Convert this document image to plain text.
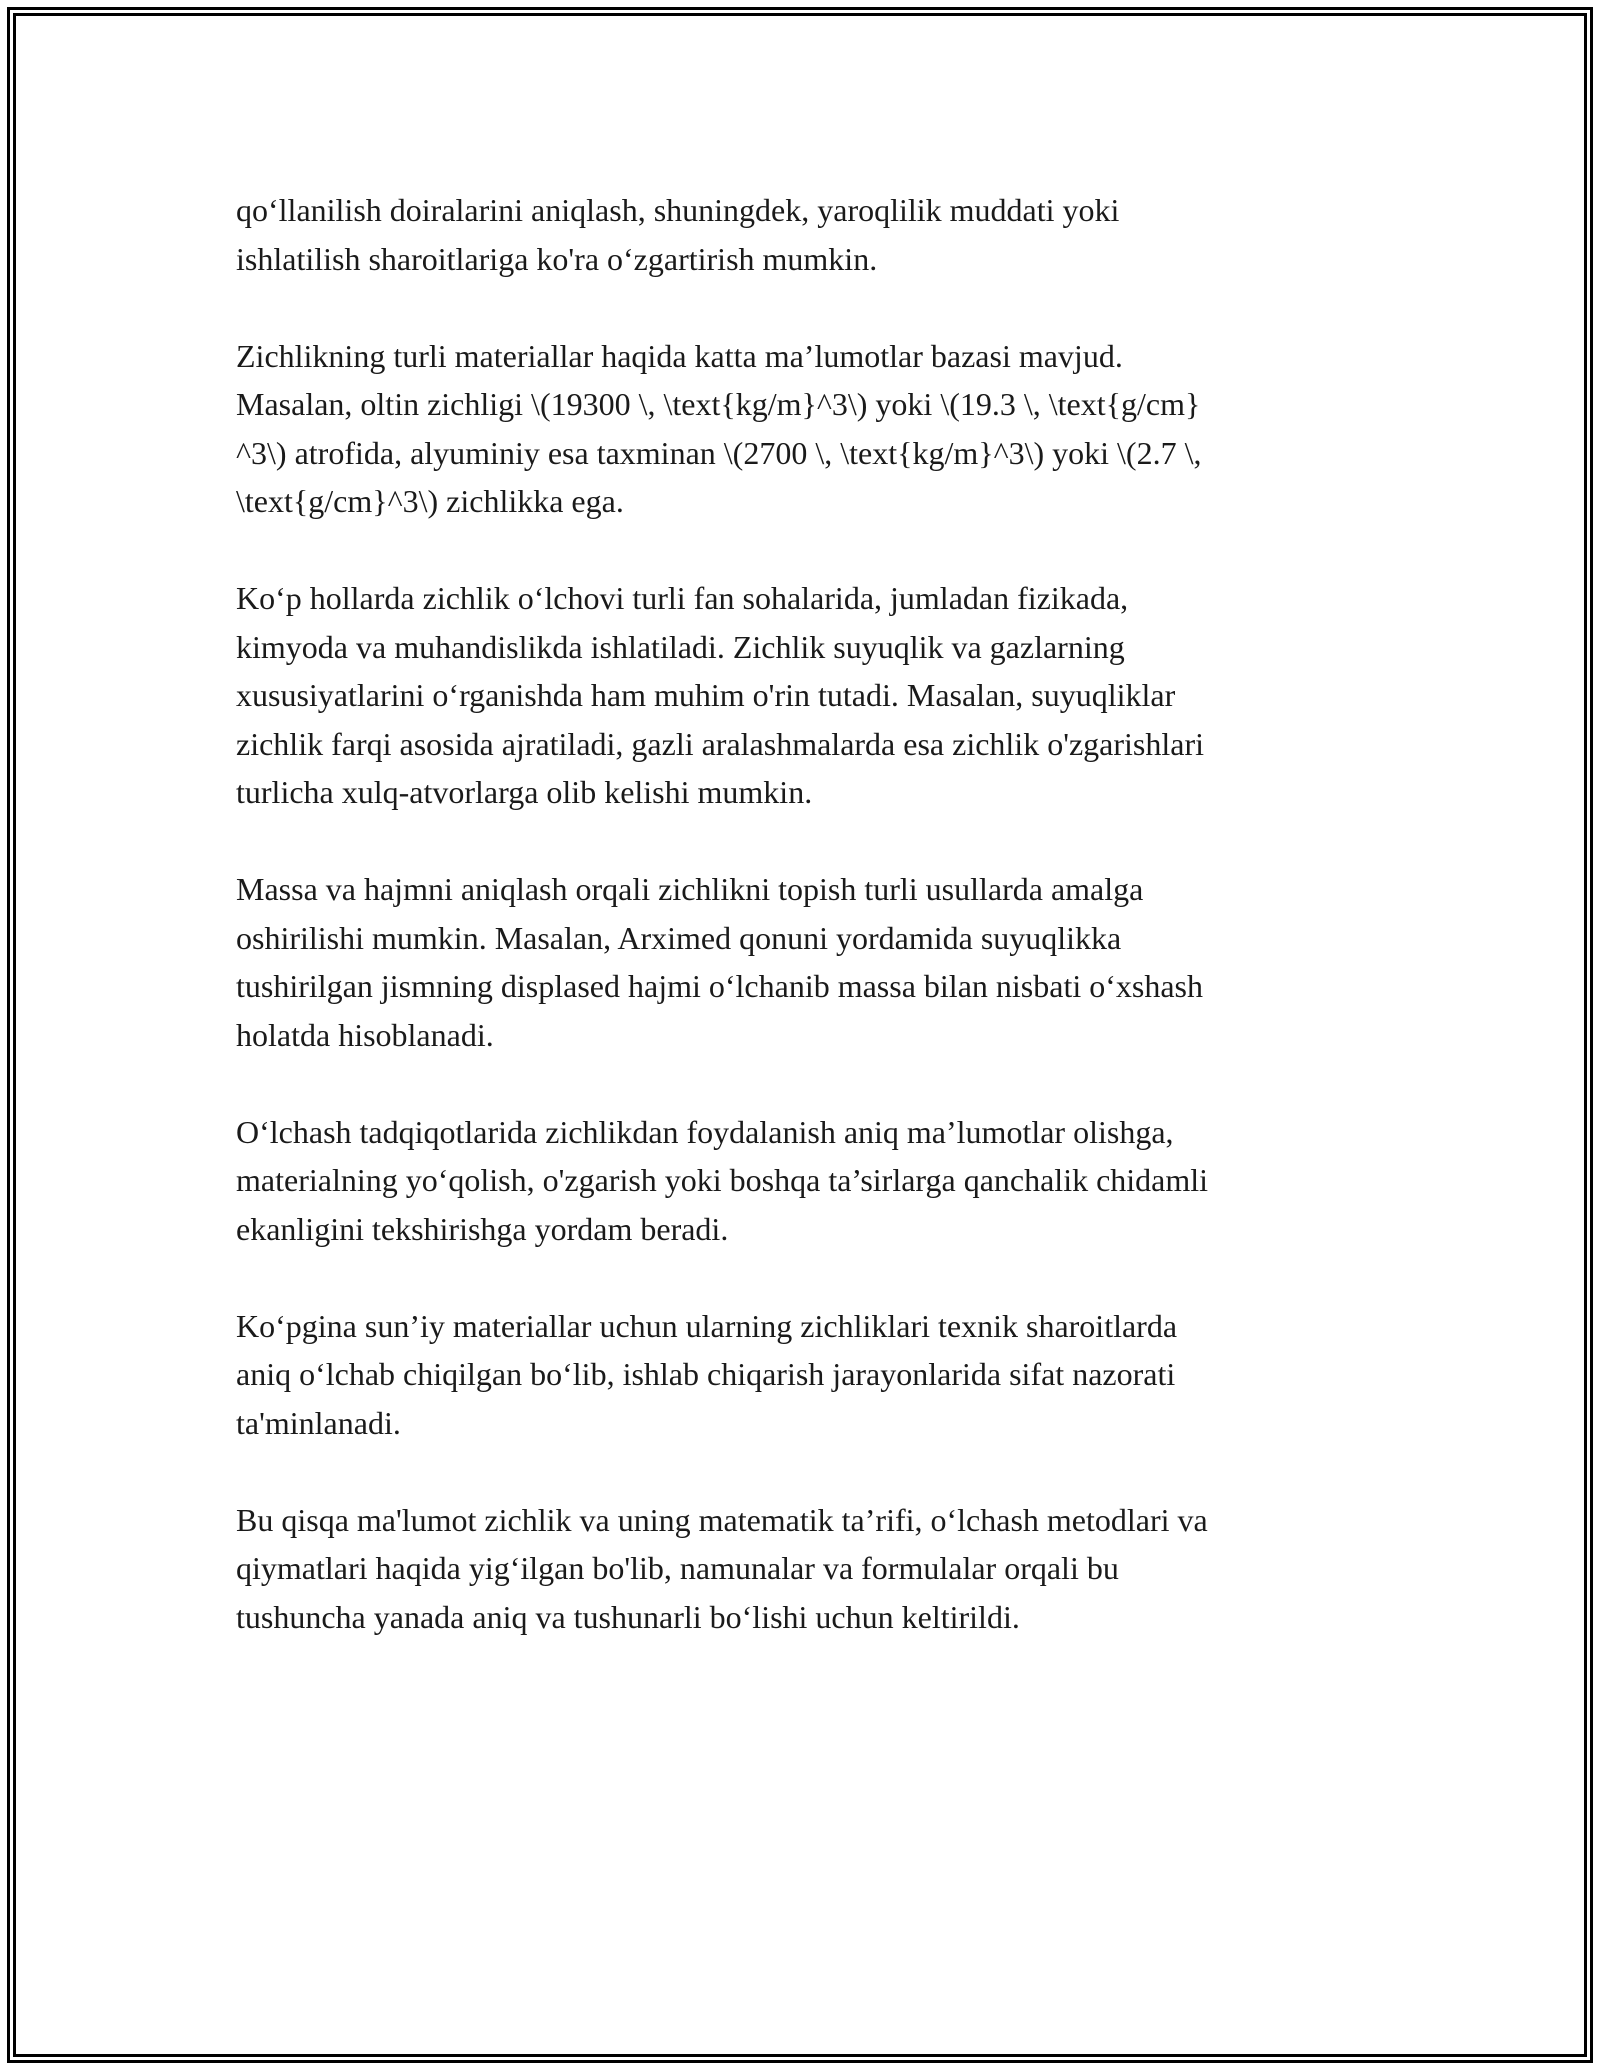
qo‘llanilish doiralarini aniqlash, shuningdek, yaroqlilik muddati yoki
ishlatilish sharoitlariga ko'ra o‘zgartirish mumkin.

Zichlikning turli materiallar haqida katta ma’lumotlar bazasi mavjud.
Masalan, oltin zichligi \(19300 \, \text{kg/m}^3\) yoki \(19.3 \, \text{g/cm}
^3\) atrofida, alyuminiy esa taxminan \(2700 \, \text{kg/m}^3\) yoki \(2.7 \,
\text{g/cm}^3\) zichlikka ega.

Ko‘p hollarda zichlik o‘lchovi turli fan sohalarida, jumladan fizikada,
kimyoda va muhandislikda ishlatiladi. Zichlik suyuqlik va gazlarning
xususiyatlarini o‘rganishda ham muhim o'rin tutadi. Masalan, suyuqliklar
zichlik farqi asosida ajratiladi, gazli aralashmalarda esa zichlik o'zgarishlari
turlicha xulq-atvorlarga olib kelishi mumkin.

Massa va hajmni aniqlash orqali zichlikni topish turli usullarda amalga
oshirilishi mumkin. Masalan, Arximed qonuni yordamida suyuqlikka
tushirilgan jismning displased hajmi o‘lchanib massa bilan nisbati o‘xshash
holatda hisoblanadi.

O‘lchash tadqiqotlarida zichlikdan foydalanish aniq ma’lumotlar olishga,
materialning yo‘qolish, o'zgarish yoki boshqa ta’sirlarga qanchalik chidamli
ekanligini tekshirishga yordam beradi.

Ko‘pgina sun’iy materiallar uchun ularning zichliklari texnik sharoitlarda
aniq o‘lchab chiqilgan bo‘lib, ishlab chiqarish jarayonlarida sifat nazorati
ta'minlanadi.

Bu qisqa ma'lumot zichlik va uning matematik ta’rifi, o‘lchash metodlari va
qiymatlari haqida yig‘ilgan bo'lib, namunalar va formulalar orqali bu
tushuncha yanada aniq va tushunarli bo‘lishi uchun keltirildi.
